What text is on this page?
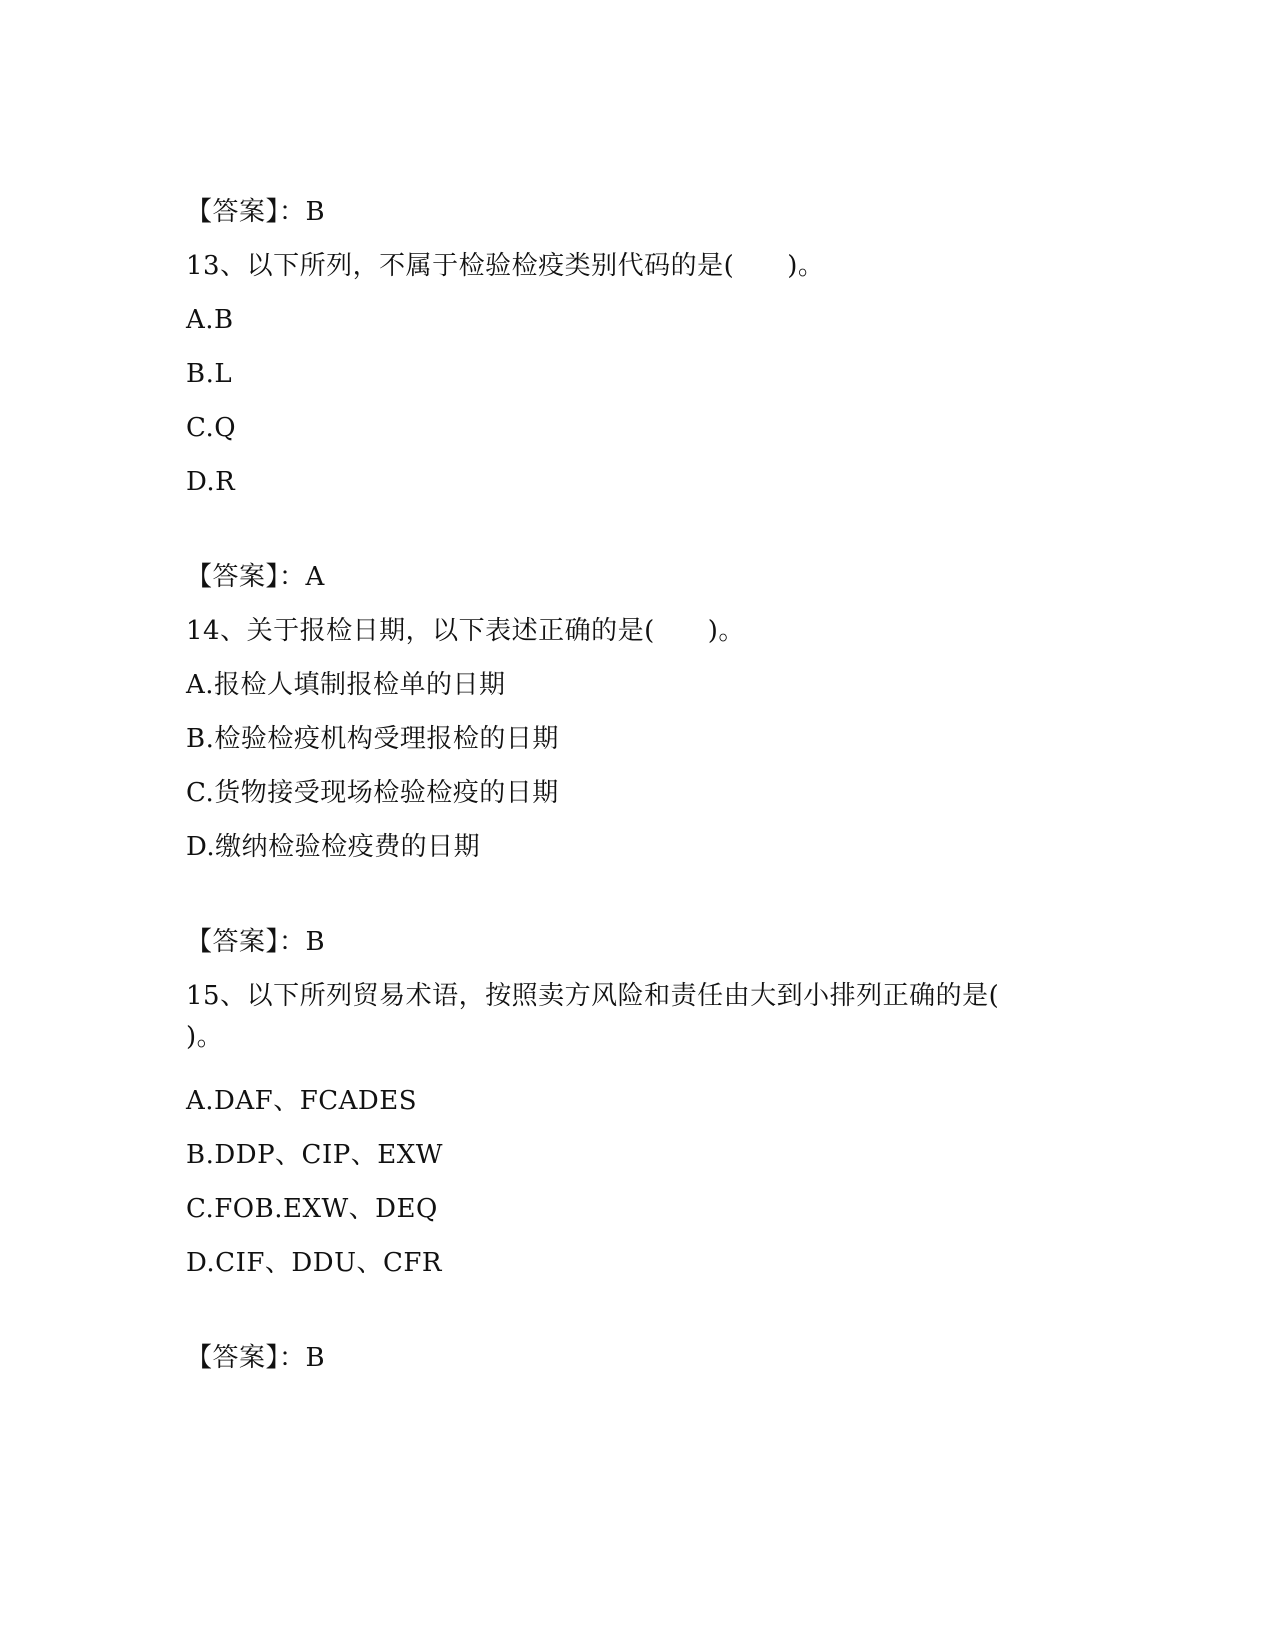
【答案】：B
13、以下所列，不属于检验检疫类别代码的是(　　)。
A.B
B.L
C.Q
D.R
【答案】：A
14、关于报检日期，以下表述正确的是(　　)。
A.报检人填制报检单的日期
B.检验检疫机构受理报检的日期
C.货物接受现场检验检疫的日期
D.缴纳检验检疫费的日期
【答案】：B
15、以下所列贸易术语，按照卖方风险和责任由大到小排列正确的是(
)。
A.DAF、FCADES
B.DDP、CIP、EXW
C.FOB.EXW、DEQ
D.CIF、DDU、CFR
【答案】：B
